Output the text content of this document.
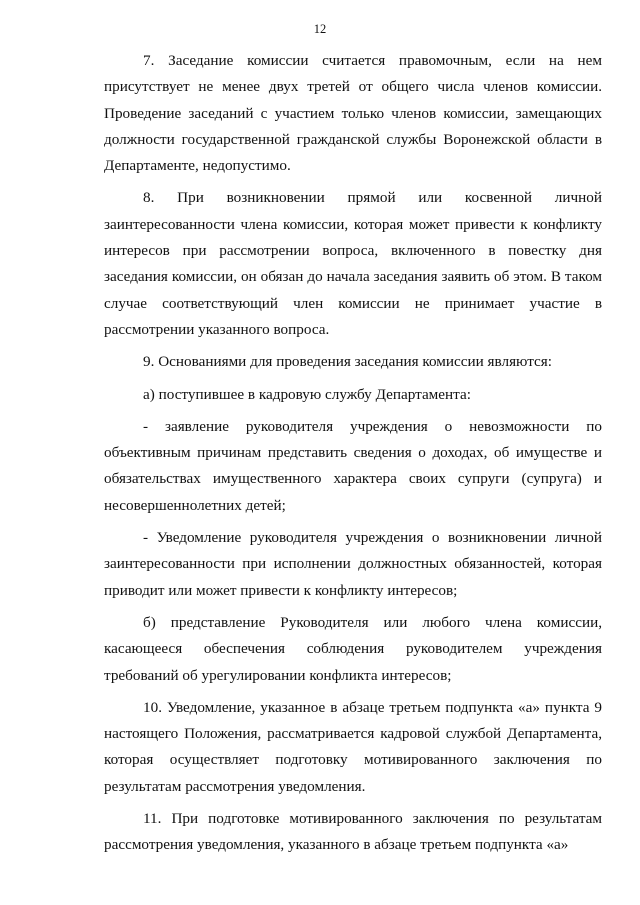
12

7. Заседание комиссии считается правомочным, если на нем присутствует не менее двух третей от общего числа членов комиссии. Проведение заседаний с участием только членов комиссии, замещающих должности государственной гражданской службы Воронежской области в Департаменте, недопустимо.

8. При возникновении прямой или косвенной личной заинтересованности члена комиссии, которая может привести к конфликту интересов при рассмотрении вопроса, включенного в повестку дня заседания комиссии, он обязан до начала заседания заявить об этом. В таком случае соответствующий член комиссии не принимает участие в рассмотрении указанного вопроса.

9. Основаниями для проведения заседания комиссии являются:

а) поступившее в кадровую службу Департамента:

- заявление руководителя учреждения о невозможности по объективным причинам представить сведения о доходах, об имуществе и обязательствах имущественного характера своих супруги (супруга) и несовершеннолетних детей;

- Уведомление руководителя учреждения о возникновении личной заинтересованности при исполнении должностных обязанностей, которая приводит или может привести к конфликту интересов;

б) представление Руководителя или любого члена комиссии, касающееся обеспечения соблюдения руководителем учреждения требований об урегулировании конфликта интересов;

10. Уведомление, указанное в абзаце третьем подпункта «а» пункта 9 настоящего Положения, рассматривается кадровой службой Департамента, которая осуществляет подготовку мотивированного заключения по результатам рассмотрения уведомления.

11. При подготовке мотивированного заключения по результатам рассмотрения уведомления, указанного в абзаце третьем подпункта «а»
